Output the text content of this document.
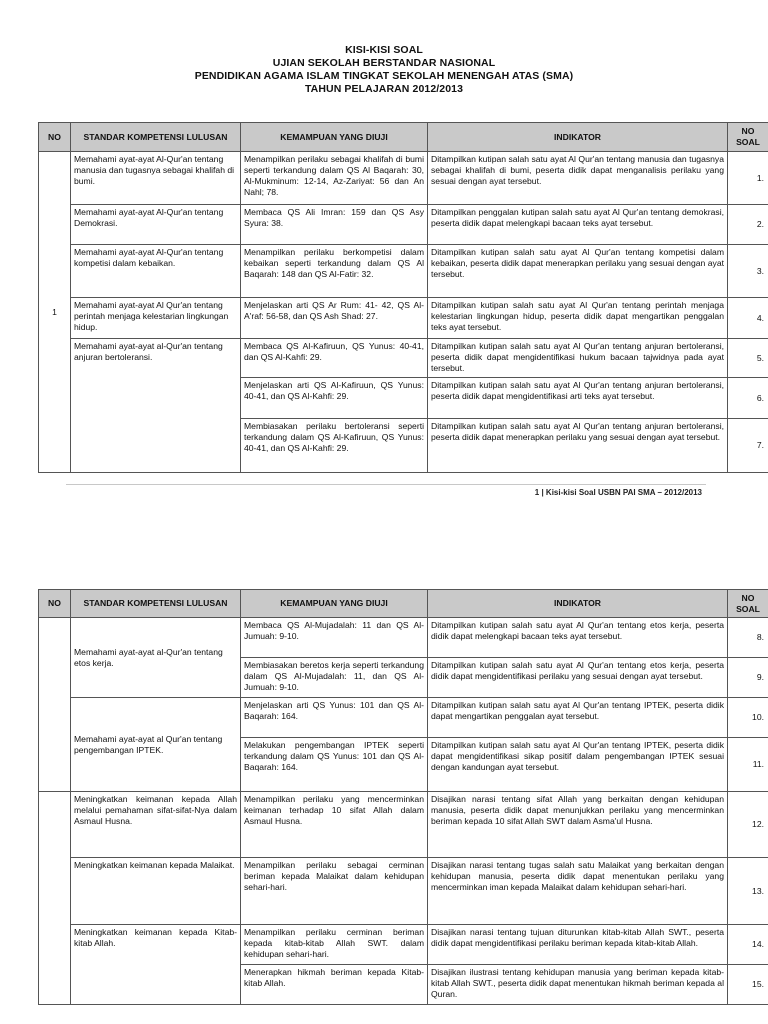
KISI-KISI SOAL
UJIAN SEKOLAH BERSTANDAR NASIONAL
PENDIDIKAN AGAMA ISLAM TINGKAT SEKOLAH MENENGAH ATAS (SMA)
TAHUN PELAJARAN 2012/2013
NO	STANDAR KOMPETENSI LULUSAN	KEMAMPUAN YANG DIUJI	INDIKATOR	NO SOAL
1	Memahami ayat-ayat Al-Qur'an tentang manusia dan tugasnya sebagai khalifah di bumi.	Menampilkan perilaku sebagai khalifah di bumi seperti terkandung dalam QS Al Baqarah: 30, Al-Mukminum: 12-14, Az-Zariyat: 56 dan An Nahl; 78.	Ditampilkan kutipan salah satu ayat Al Qur'an tentang manusia dan tugasnya sebagai khalifah di bumi, peserta didik dapat menganalisis perilaku yang sesuai dengan ayat tersebut.	1.
	Memahami ayat-ayat Al-Qur'an tentang Demokrasi.	Membaca QS Ali Imran: 159 dan QS Asy Syura: 38.	Ditampilkan penggalan kutipan salah satu ayat Al Qur'an tentang demokrasi, peserta didik dapat melengkapi bacaan teks ayat tersebut.	2.
	Memahami ayat-ayat Al-Qur'an tentang kompetisi dalam kebaikan.	Menampilkan perilaku berkompetisi dalam kebaikan seperti terkandung dalam QS Al Baqarah: 148 dan QS Al-Fatir: 32.	Ditampilkan kutipan salah satu ayat Al Qur'an tentang kompetisi dalam kebaikan, peserta didik dapat menerapkan perilaku yang sesuai dengan ayat tersebut.	3.
	Memahami ayat-ayat Al Qur'an tentang perintah menjaga kelestarian lingkungan hidup.	Menjelaskan arti QS Ar Rum: 41- 42, QS Al-A'raf: 56-58, dan QS Ash Shad: 27.	Ditampilkan kutipan salah satu ayat Al Qur'an tentang perintah menjaga kelestarian lingkungan hidup, peserta didik dapat mengartikan penggalan teks ayat tersebut.	4.
	Memahami ayat-ayat al-Qur'an tentang anjuran bertoleransi.	Membaca QS Al-Kafiruun, QS Yunus: 40-41, dan QS Al-Kahfi: 29.	Ditampilkan kutipan salah satu ayat Al Qur'an tentang anjuran bertoleransi, peserta didik dapat mengidentifikasi hukum bacaan tajwidnya pada ayat tersebut.	5.
		Menjelaskan arti QS Al-Kafiruun, QS Yunus: 40-41, dan QS Al-Kahfi: 29.	Ditampilkan kutipan salah satu ayat Al Qur'an tentang anjuran bertoleransi, peserta didik dapat mengidentifikasi arti teks ayat tersebut.	6.
		Membiasakan perilaku bertoleransi seperti terkandung dalam QS Al-Kafiruun, QS Yunus: 40-41, dan QS Al-Kahfi: 29.	Ditampilkan kutipan salah satu ayat Al Qur'an tentang anjuran bertoleransi, peserta didik dapat menerapkan perilaku yang sesuai dengan ayat tersebut.	7.
1 | Kisi-kisi Soal USBN PAI SMA – 2012/2013
NO	STANDAR KOMPETENSI LULUSAN	KEMAMPUAN YANG DIUJI	INDIKATOR	NO SOAL
	Memahami ayat-ayat al-Qur'an tentang etos kerja.	Membaca QS Al-Mujadalah: 11 dan QS Al-Jumuah: 9-10.	Ditampilkan kutipan salah satu ayat Al Qur'an tentang etos kerja, peserta didik dapat melengkapi bacaan teks ayat tersebut.	8.
		Membiasakan beretos kerja seperti terkandung dalam QS Al-Mujadalah: 11, dan QS Al-Jumuah: 9-10.	Ditampilkan kutipan salah satu ayat Al Qur'an tentang etos kerja, peserta didik dapat mengidentifikasi perilaku yang sesuai dengan ayat tersebut.	9.
	Memahami ayat-ayat al Qur'an tentang pengembangan IPTEK.	Menjelaskan arti QS Yunus: 101 dan QS Al-Baqarah: 164.	Ditampilkan kutipan salah satu ayat Al Qur'an tentang IPTEK, peserta didik dapat mengartikan penggalan ayat tersebut.	10.
		Melakukan pengembangan IPTEK seperti terkandung dalam QS Yunus: 101 dan QS Al-Baqarah: 164.	Ditampilkan kutipan salah satu ayat Al Qur'an tentang IPTEK, peserta didik dapat mengidentifikasi sikap positif dalam pengembangan IPTEK sesuai dengan kandungan ayat tersebut.	11.
	Meningkatkan keimanan kepada Allah melalui pemahaman sifat-sifat-Nya dalam Asmaul Husna.	Menampilkan perilaku yang mencerminkan keimanan terhadap 10 sifat Allah dalam Asmaul Husna.	Disajikan narasi tentang sifat Allah yang berkaitan dengan kehidupan manusia, peserta didik dapat menunjukkan perilaku yang mencerminkan beriman kepada 10 sifat Allah SWT dalam Asma'ul Husna.	12.
	Meningkatkan keimanan kepada Malaikat.	Menampilkan perilaku sebagai cerminan beriman kepada Malaikat dalam kehidupan sehari-hari.	Disajikan narasi tentang tugas salah satu Malaikat yang berkaitan dengan kehidupan manusia, peserta didik dapat menentukan perilaku yang mencerminkan iman kepada Malaikat dalam kehidupan sehari-hari.	13.
	Meningkatkan keimanan kepada Kitab-kitab Allah.	Menampilkan perilaku cerminan beriman kepada kitab-kitab Allah SWT. dalam kehidupan sehari-hari.	Disajikan narasi tentang tujuan diturunkan kitab-kitab Allah SWT., peserta didik dapat mengidentifikasi perilaku beriman kepada kitab-kitab Allah.	14.
		Menerapkan hikmah beriman kepada Kitab-kitab Allah.	Disajikan ilustrasi tentang kehidupan manusia yang beriman kepada kitab-kitab Allah SWT., peserta didik dapat menentukan hikmah beriman kepada al Quran.	15.
